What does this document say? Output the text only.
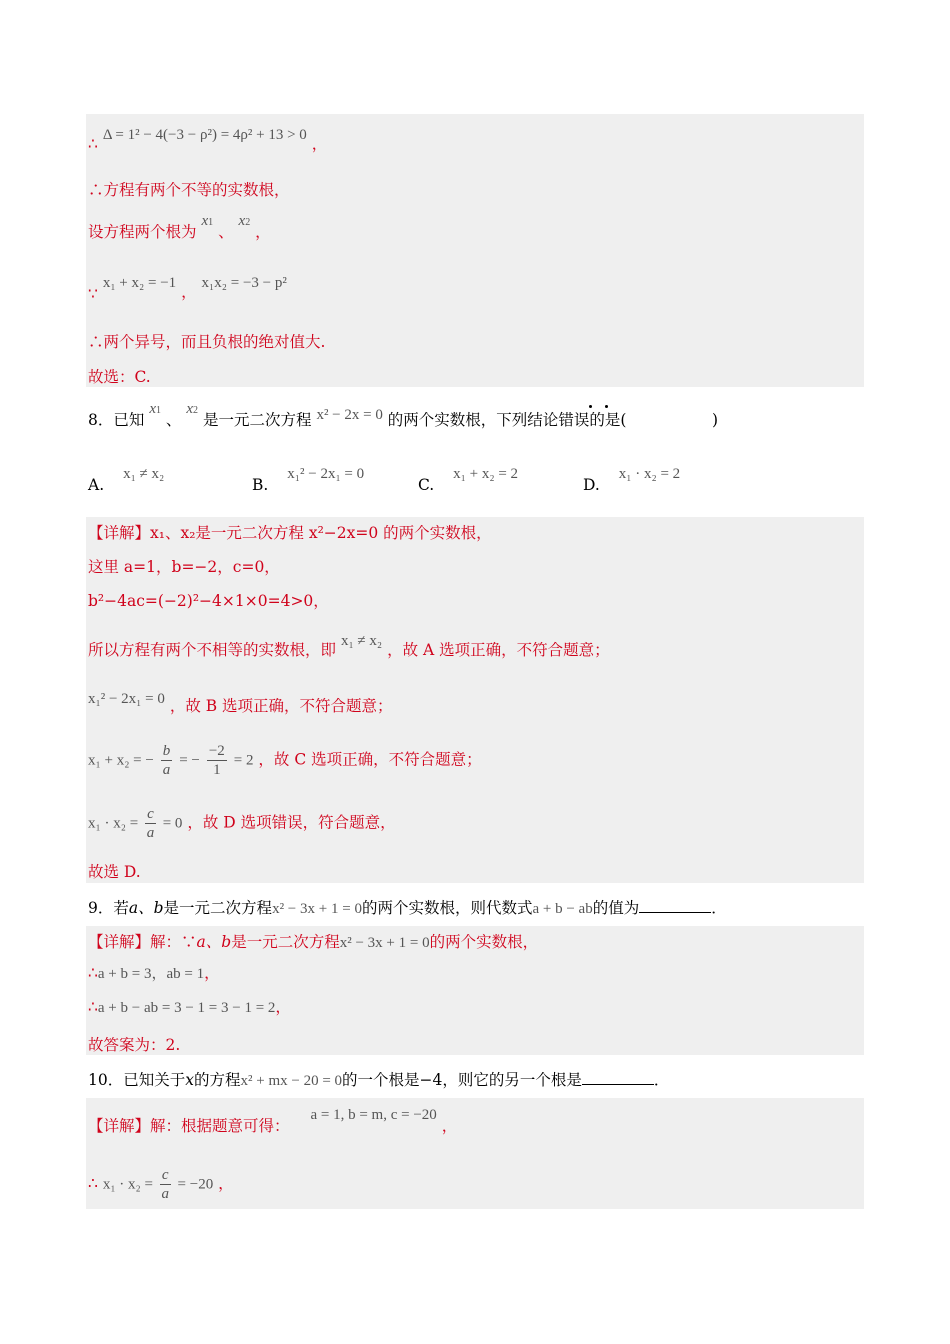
∴ Δ = 1² − 4(−3 − ρ²) = 4ρ² + 13 > 0 ，
∴方程有两个不等的实数根，
设方程两个根为 x1 、 x2 ，
∵ x₁ + x₂ = −1 ， x₁x₂ = −3 − p²
∴两个异号，而且负根的绝对值大.
故选：C.
8．已知 x1 、 x2 是一元二次方程 x² − 2x = 0 的两个实数根，下列结论错误的是(	)
A. x₁ ≠ x₂
B. x₁² − 2x₁ = 0
C. x₁ + x₂ = 2
D. x₁ · x₂ = 2
【详解】x₁、x₂是一元二次方程 x²−2x=0 的两个实数根，
这里 a=1，b=−2，c=0，
b²−4ac=(−2)²−4×1×0=4>0，
所以方程有两个不相等的实数根，即 x₁ ≠ x₂ ，故 A 选项正确，不符合题意；
x₁² − 2x₁ = 0 ，故 B 选项正确，不符合题意；
x₁ + x₂ = − $\frac{b}{a}$ = − $\frac{-2}{1} = 2$ ，故 C 选项正确，不符合题意；
$x_1 \cdot x_2 = \frac{c}{a} = 0$ ，故 D 选项错误，符合题意，
故选 D.
9．若a、b是一元二次方程x² − 3x + 1 = 0的两个实数根，则代数式a + b − ab的值为	．
【详解】解：∵a、b是一元二次方程x² − 3x + 1 = 0的两个实数根，
∴a + b = 3，ab = 1，
∴a + b − ab = 3 − 1 = 3 − 1 = 2，
故答案为：2.
10．已知关于x的方程x² + mx − 20 = 0的一个根是−4，则它的另一个根是	．
【详解】解：根据题意可得： a = 1, b = m, c = −20 ，
∴ $x_1 \cdot x_2 = \frac{c}{a} = -20$ ，
